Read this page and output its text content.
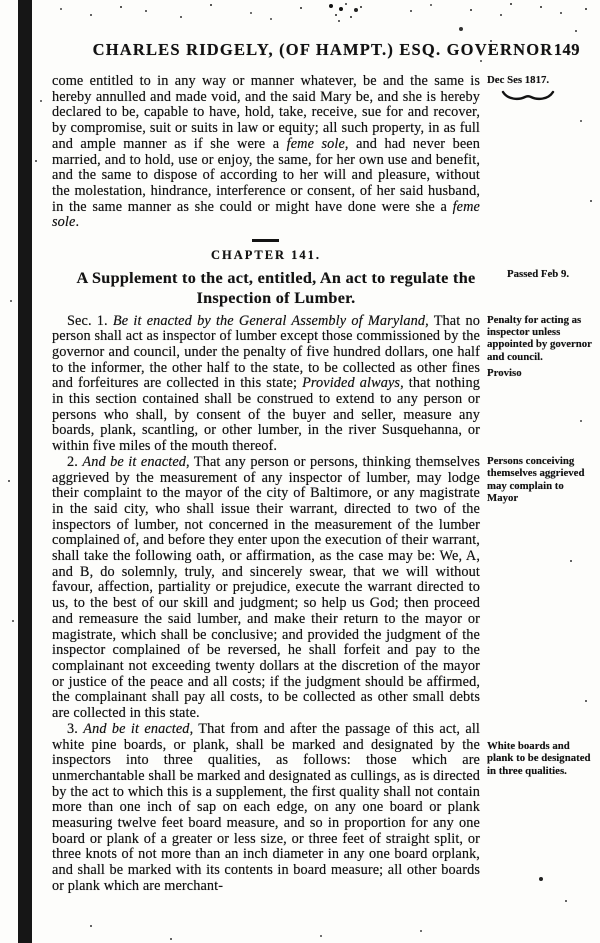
CHARLES RIDGELY, (OF HAMPT.) ESQ. GOVERNOR 149

come entitled to in any way or manner whatever, be and the same is hereby annulled and made void, and the said Mary be, and she is hereby declared to be, capable to have, hold, take, receive, sue for and recover, by compromise, suit or suits in law or equity; all such property, in as full and ample manner as if she were a feme sole, and had never been married, and to hold, use or enjoy, the same, for her own use and benefit, and the same to dispose of according to her will and pleasure, without the molestation, hindrance, interference or consent, of her said husband, in the same manner as she could or might have done were she a feme sole.

Dec Ses 1817.
CHAPTER 141.
A Supplement to the act, entitled, An act to regulate the Inspection of Lumber.
Passed Feb 9.

Sec. 1. Be it enacted by the General Assembly of Maryland, That no person shall act as inspector of lumber except those commissioned by the governor and council, under the penalty of five hundred dollars, one half to the informer, the other half to the state, to be collected as other fines and forfeitures are collected in this state; Provided always, that nothing in this section contained shall be construed to extend to any person or persons who shall, by consent of the buyer and seller, measure any boards, plank, scantling, or other lumber, in the river Susquehanna, or within five miles of the mouth thereof.

Penalty for acting as inspector unless appointed by governor and council.
Proviso

2. And be it enacted, That any person or persons, thinking themselves aggrieved by the measurement of any inspector of lumber, may lodge their complaint to the mayor of the city of Baltimore, or any magistrate in the said city, who shall issue their warrant, directed to two of the inspectors of lumber, not concerned in the measurement of the lumber complained of, and before they enter upon the execution of their warrant, shall take the following oath, or affirmation, as the case may be: We, A, and B, do solemnly, truly, and sincerely swear, that we will without favour, affection, partiality or prejudice, execute the warrant directed to us, to the best of our skill and judgment; so help us God; then proceed and remeasure the said lumber, and make their return to the mayor or magistrate, which shall be conclusive; and provided the judgment of the inspector complained of be reversed, he shall forfeit and pay to the complainant not exceeding twenty dollars at the discretion of the mayor or justice of the peace and all costs; if the judgment should be affirmed, the complainant shall pay all costs, to be collected as other small debts are collected in this state.

Persons conceiving themselves aggrieved may complain to Mayor

3. And be it enacted, That from and after the passage of this act, all white pine boards, or plank, shall be marked and designated by the inspectors into three qualities, as follows: those which are unmerchantable shall be marked and designated as cullings, as is directed by the act to which this is a supplement, the first quality shall not contain more than one inch of sap on each edge, on any one board or plank measuring twelve feet board measure, and so in proportion for any one board or plank of a greater or less size, or three feet of straight split, or three knots of not more than an inch diameter in any one board orplank, and shall be marked with its contents in board measure; all other boards or plank which are merchant-

White boards and plank to be designated in three qualities.
